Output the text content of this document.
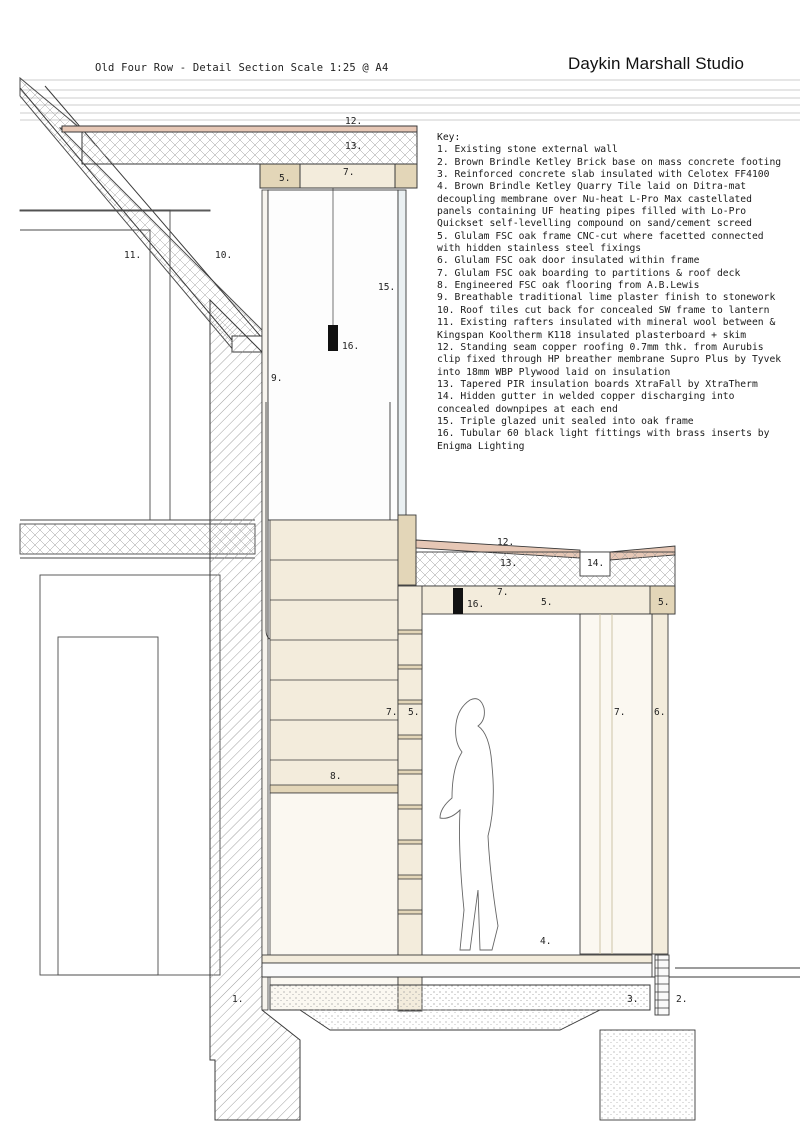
Old Four Row - Detail Section Scale 1:25 @ A4	Daykin Marshall Studio
12.
13.
5.
7.
11.	10.
15.
16.
9.
12.
13.	14.
7.
16.	5.	5.
7. 5.	7.	6.
8.
4.
1.	3.	2.
Key:
1. Existing stone external wall
2. Brown Brindle Ketley Brick base on mass concrete footing
3. Reinforced concrete slab insulated with Celotex FF4100
4. Brown Brindle Ketley Quarry Tile laid on Ditra-mat decoupling membrane over Nu-heat L-Pro Max castellated panels containing UF heating pipes filled with Lo-Pro Quickset self-levelling compound on sand/cement screed
5. Glulam FSC oak frame CNC-cut where facetted connected with hidden stainless steel fixings
6. Glulam FSC oak door insulated within frame
7. Glulam FSC oak boarding to partitions & roof deck
8. Engineered FSC oak flooring from A.B.Lewis
9. Breathable traditional lime plaster finish to stonework
10. Roof tiles cut back for concealed SW frame to lantern
11. Existing rafters insulated with mineral wool between & Kingspan Kooltherm K118 insulated plasterboard + skim
12. Standing seam copper roofing 0.7mm thk. from Aurubis clip fixed through HP breather membrane Supro Plus by Tyvek into 18mm WBP Plywood laid on insulation
13. Tapered PIR insulation boards XtraFall by XtraTherm
14. Hidden gutter in welded copper discharging into concealed downpipes at each end
15. Triple glazed unit sealed into oak frame
16. Tubular 60 black light fittings with brass inserts by Enigma Lighting
